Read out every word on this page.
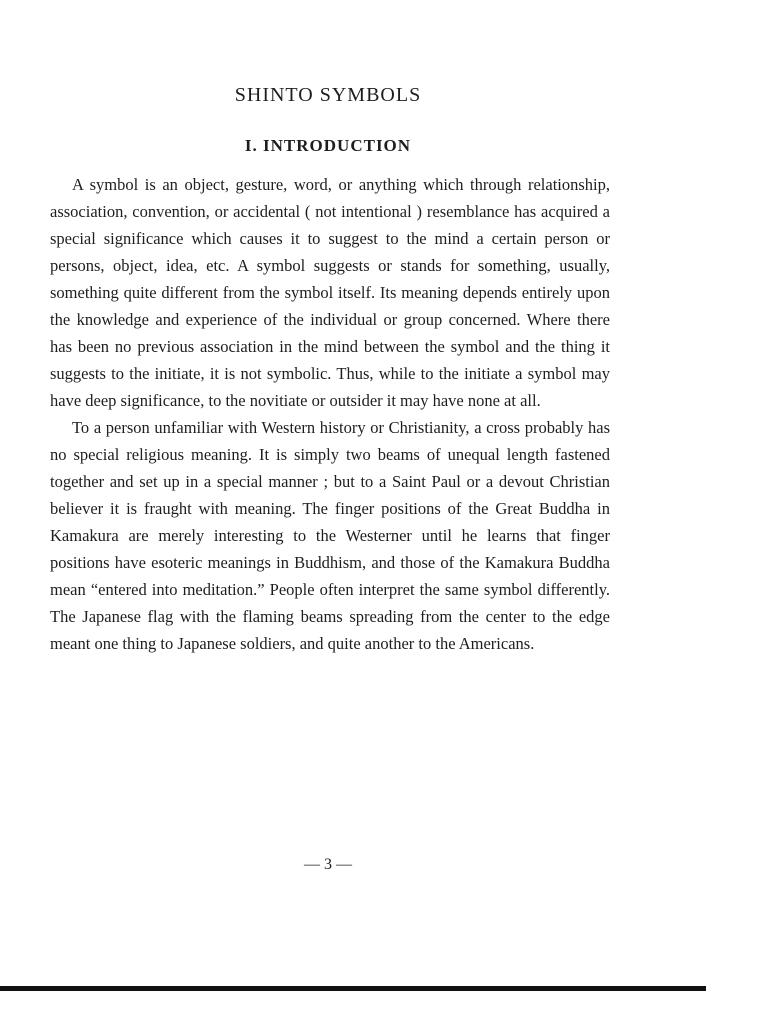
SHINTO SYMBOLS
I. INTRODUCTION

A symbol is an object, gesture, word, or anything which through relationship, association, convention, or accidental ( not intentional ) resemblance has acquired a special significance which causes it to suggest to the mind a certain person or persons, object, idea, etc. A symbol suggests or stands for something, usually, something quite different from the symbol itself. Its meaning depends entirely upon the knowledge and experience of the individual or group concerned. Where there has been no previous association in the mind between the symbol and the thing it suggests to the initiate, it is not symbolic. Thus, while to the initiate a symbol may have deep significance, to the novitiate or outsider it may have none at all.

To a person unfamiliar with Western history or Christianity, a cross probably has no special religious meaning. It is simply two beams of unequal length fastened together and set up in a special manner ; but to a Saint Paul or a devout Christian believer it is fraught with meaning. The finger positions of the Great Buddha in Kamakura are merely interesting to the Westerner until he learns that finger positions have esoteric meanings in Buddhism, and those of the Kamakura Buddha mean “entered into meditation.” People often interpret the same symbol differently. The Japanese flag with the flaming beams spreading from the center to the edge meant one thing to Japanese soldiers, and quite another to the Americans.

— 3 —
